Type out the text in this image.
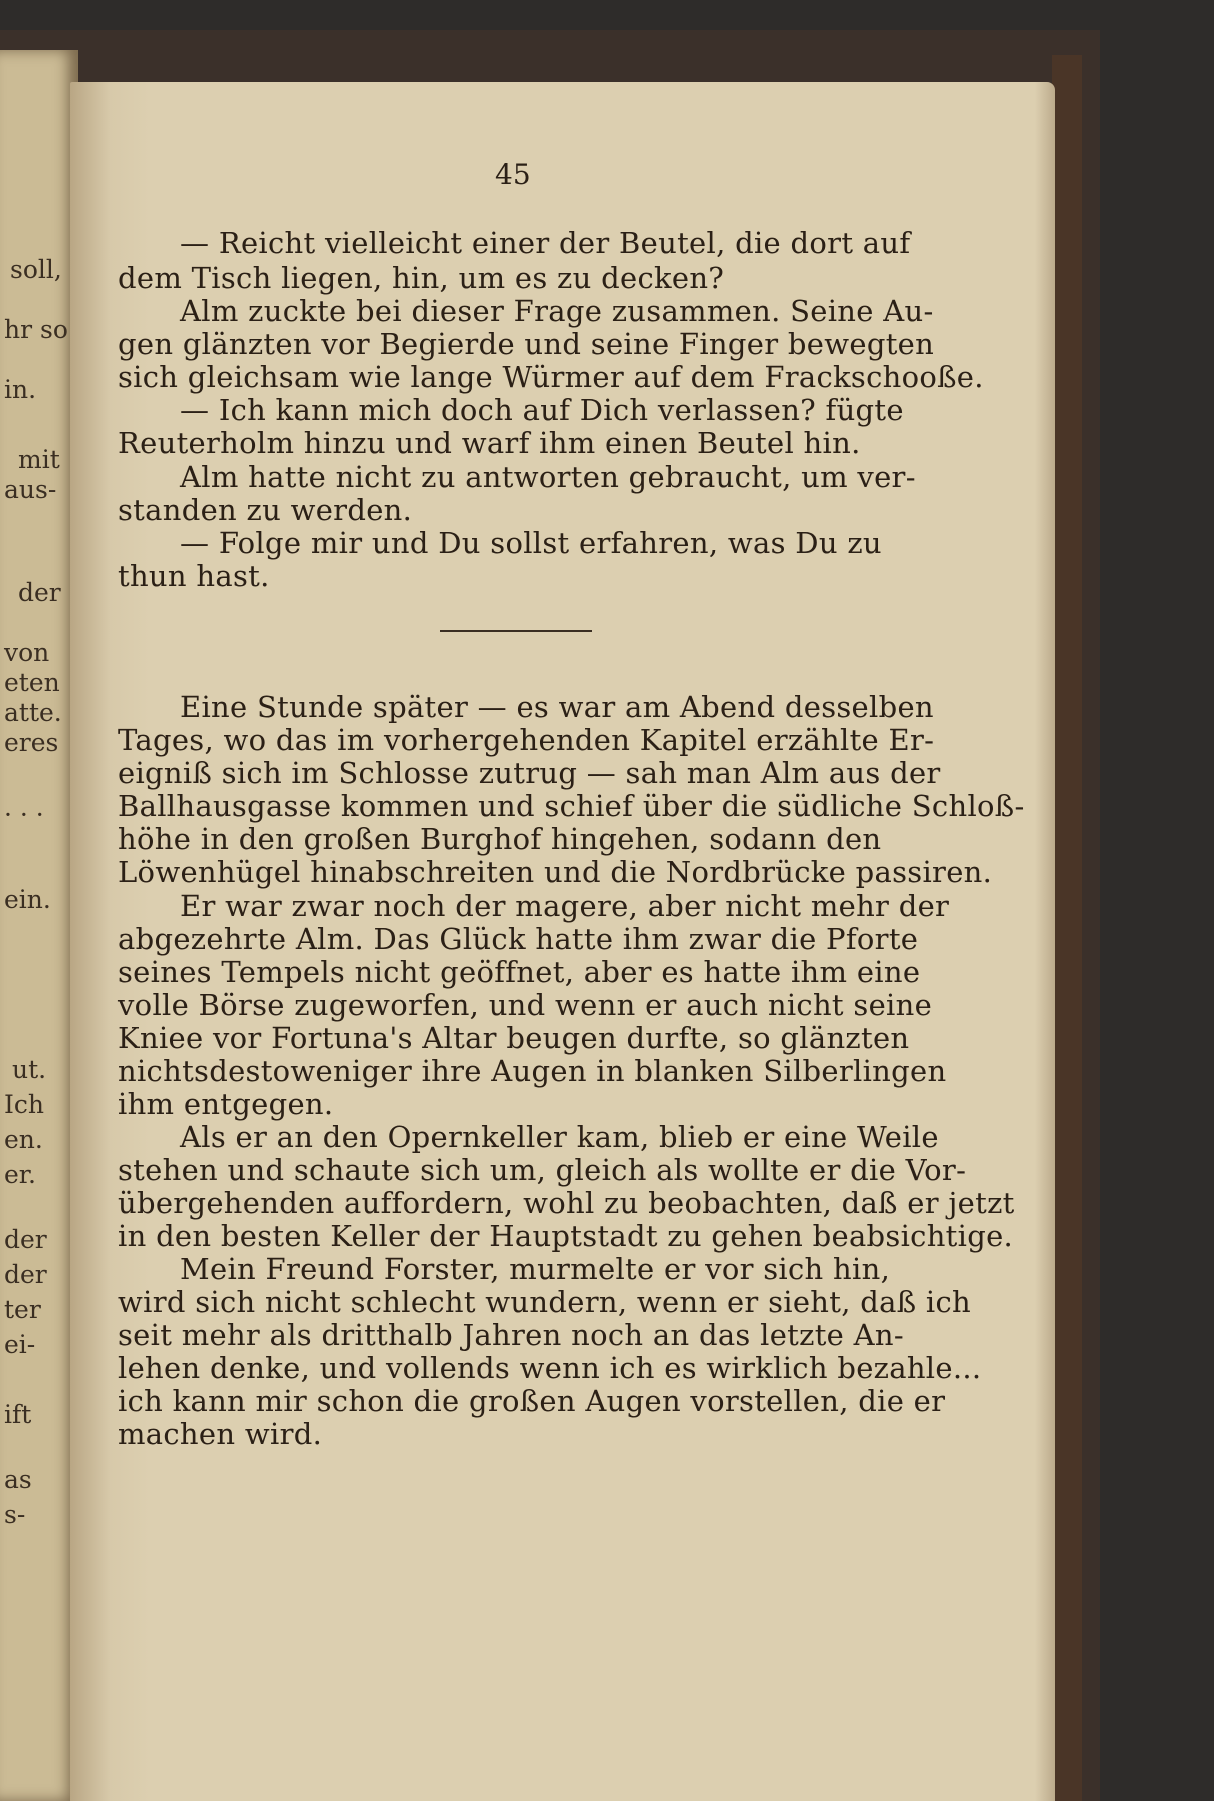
soll,
hr so
in.
mit
aus-
der
von
eten
atte.
eres
· · ·
ein.
ut.
Ich
en.
er.
der
der
ter
ei-
ift
as
s-
45
— Reicht vielleicht einer der Beutel, die dort auf
dem Tisch liegen, hin, um es zu decken?
Alm zuckte bei dieser Frage zusammen. Seine Au-
gen glänzten vor Begierde und seine Finger bewegten
sich gleichsam wie lange Würmer auf dem Frackschooße.
— Ich kann mich doch auf Dich verlassen? fügte
Reuterholm hinzu und warf ihm einen Beutel hin.
Alm hatte nicht zu antworten gebraucht, um ver-
standen zu werden.
— Folge mir und Du sollst erfahren, was Du zu
thun hast.
Eine Stunde später — es war am Abend desselben
Tages, wo das im vorhergehenden Kapitel erzählte Er-
eigniß sich im Schlosse zutrug — sah man Alm aus der
Ballhausgasse kommen und schief über die südliche Schloß-
höhe in den großen Burghof hingehen, sodann den
Löwenhügel hinabschreiten und die Nordbrücke passiren.
Er war zwar noch der magere, aber nicht mehr der
abgezehrte Alm. Das Glück hatte ihm zwar die Pforte
seines Tempels nicht geöffnet, aber es hatte ihm eine
volle Börse zugeworfen, und wenn er auch nicht seine
Kniee vor Fortuna's Altar beugen durfte, so glänzten
nichtsdestoweniger ihre Augen in blanken Silberlingen
ihm entgegen.
Als er an den Opernkeller kam, blieb er eine Weile
stehen und schaute sich um, gleich als wollte er die Vor-
übergehenden auffordern, wohl zu beobachten, daß er jetzt
in den besten Keller der Hauptstadt zu gehen beabsichtige.
Mein Freund Forster, murmelte er vor sich hin,
wird sich nicht schlecht wundern, wenn er sieht, daß ich
seit mehr als dritthalb Jahren noch an das letzte An-
lehen denke, und vollends wenn ich es wirklich bezahle...
ich kann mir schon die großen Augen vorstellen, die er
machen wird.
